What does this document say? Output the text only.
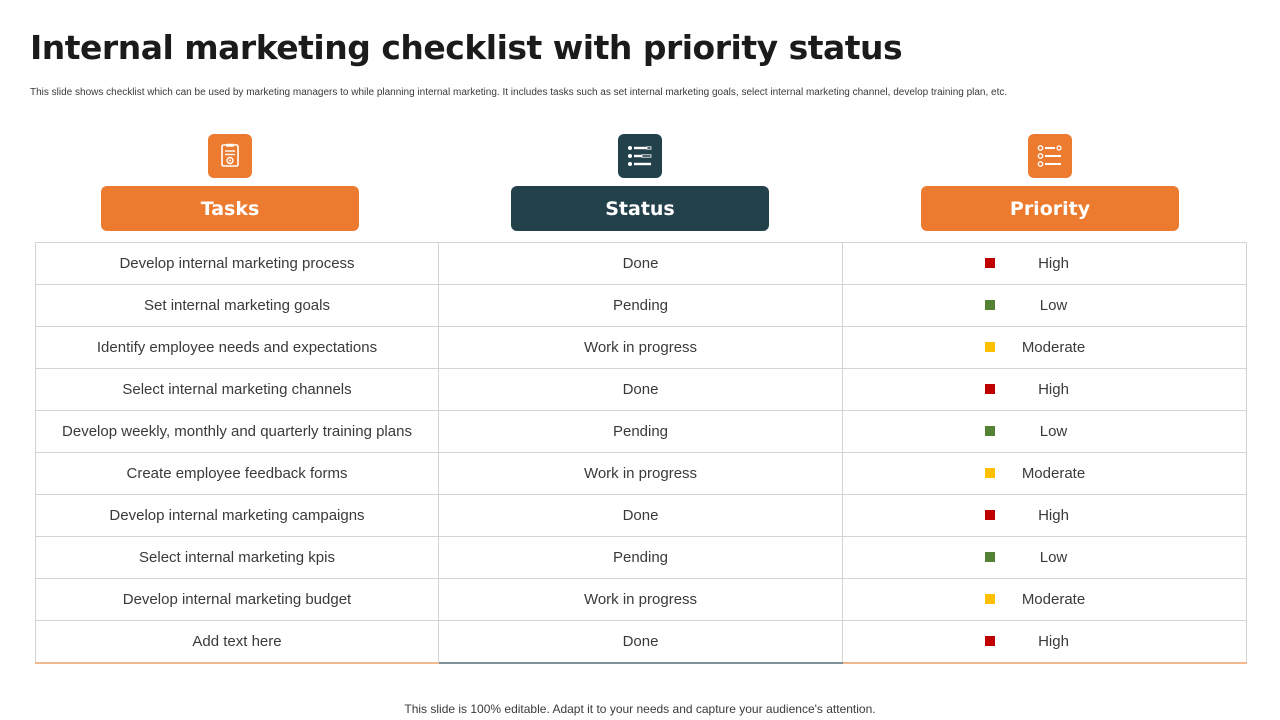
Internal marketing checklist with priority status
This slide shows checklist which can be used by marketing managers to while planning internal marketing. It includes tasks such as set internal marketing goals, select internal marketing channel, develop training plan, etc.
Tasks	Status	Priority
Develop internal marketing process	Done	High

Set internal marketing goals	Pending	Low

Identify employee needs and expectations	Work in progress	Moderate

Select internal marketing channels	Done	High

Develop weekly, monthly and quarterly training plans	Pending	Low

Create employee feedback forms	Work in progress	Moderate

Develop internal marketing campaigns	Done	High

Select internal marketing kpis	Pending	Low

Develop internal marketing budget	Work in progress	Moderate

Add text here	Done	High
This slide is 100% editable. Adapt it to your needs and capture your audience's attention.
